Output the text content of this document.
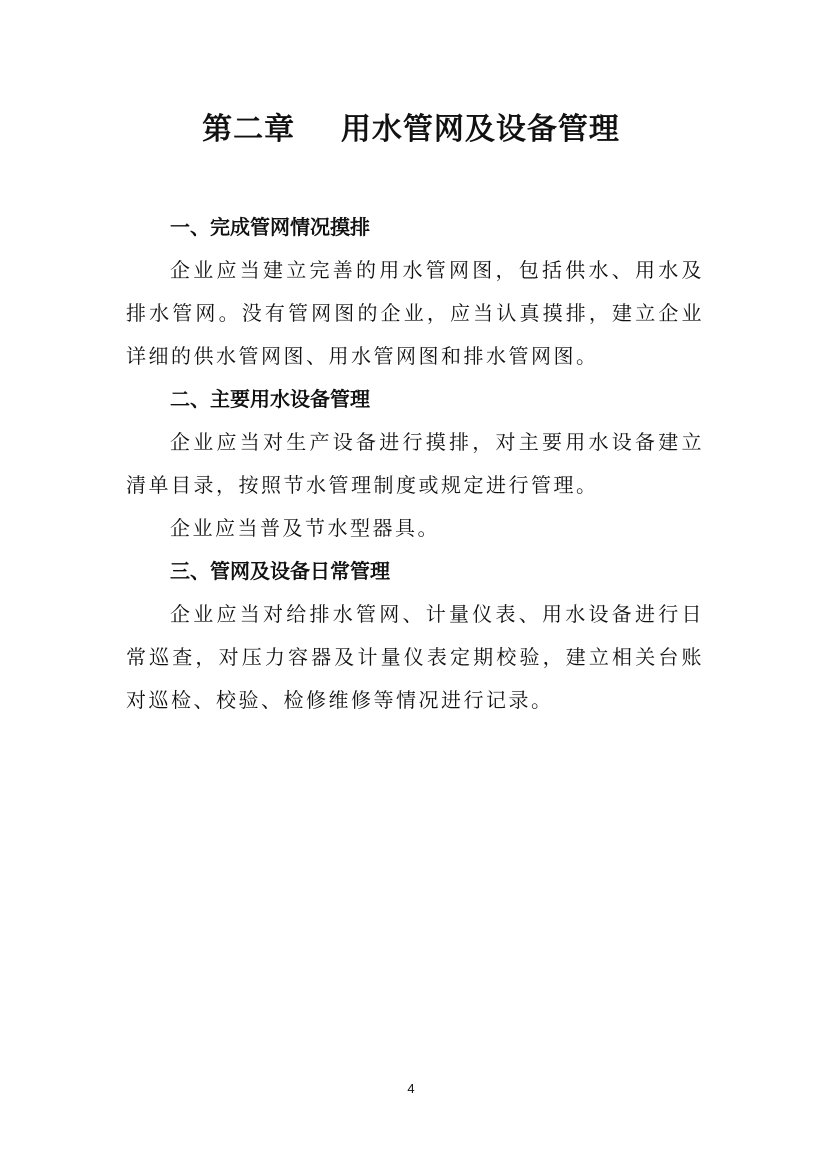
第二章    用水管网及设备管理
一、完成管网情况摸排

企业应当建立完善的用水管网图，包括供水、用水及排水管网。没有管网图的企业，应当认真摸排，建立企业详细的供水管网图、用水管网图和排水管网图。

二、主要用水设备管理

企业应当对生产设备进行摸排，对主要用水设备建立清单目录，按照节水管理制度或规定进行管理。

企业应当普及节水型器具。

三、管网及设备日常管理

企业应当对给排水管网、计量仪表、用水设备进行日常巡查，对压力容器及计量仪表定期校验，建立相关台账对巡检、校验、检修维修等情况进行记录。

4
